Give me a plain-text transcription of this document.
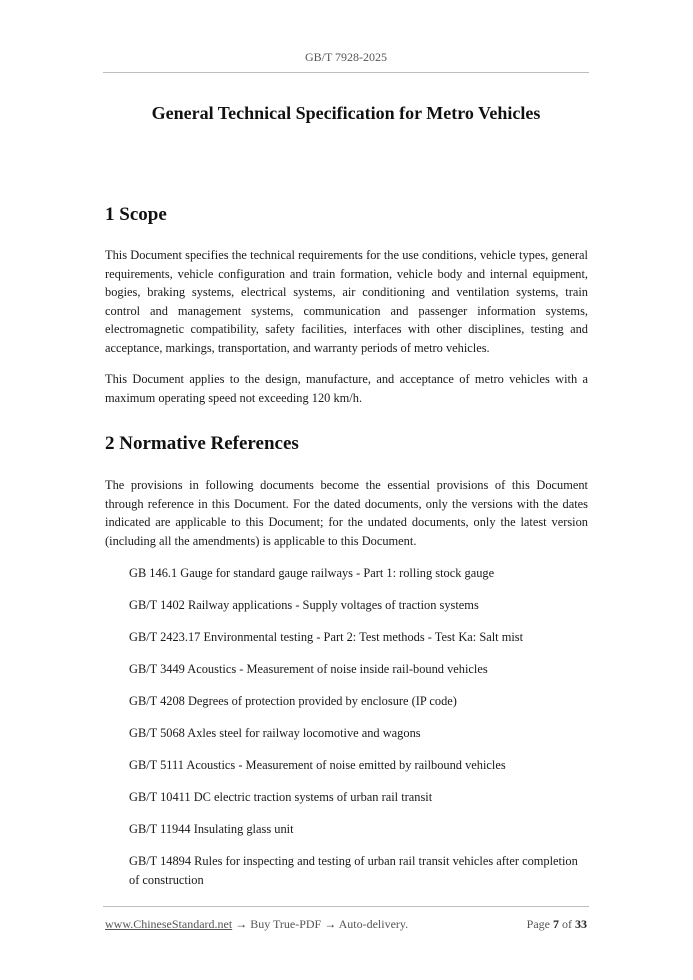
GB/T 7928-2025
General Technical Specification for Metro Vehicles
1 Scope
This Document specifies the technical requirements for the use conditions, vehicle types, general requirements, vehicle configuration and train formation, vehicle body and internal equipment, bogies, braking systems, electrical systems, air conditioning and ventilation systems, train control and management systems, communication and passenger information systems, electromagnetic compatibility, safety facilities, interfaces with other disciplines, testing and acceptance, markings, transportation, and warranty periods of metro vehicles.
This Document applies to the design, manufacture, and acceptance of metro vehicles with a maximum operating speed not exceeding 120 km/h.
2 Normative References
The provisions in following documents become the essential provisions of this Document through reference in this Document. For the dated documents, only the versions with the dates indicated are applicable to this Document; for the undated documents, only the latest version (including all the amendments) is applicable to this Document.
GB 146.1 Gauge for standard gauge railways - Part 1: rolling stock gauge
GB/T 1402 Railway applications - Supply voltages of traction systems
GB/T 2423.17 Environmental testing - Part 2: Test methods - Test Ka: Salt mist
GB/T 3449 Acoustics - Measurement of noise inside rail-bound vehicles
GB/T 4208 Degrees of protection provided by enclosure (IP code)
GB/T 5068 Axles steel for railway locomotive and wagons
GB/T 5111 Acoustics - Measurement of noise emitted by railbound vehicles
GB/T 10411 DC electric traction systems of urban rail transit
GB/T 11944 Insulating glass unit
GB/T 14894 Rules for inspecting and testing of urban rail transit vehicles after completion of construction
www.ChineseStandard.net → Buy True-PDF → Auto-delivery.	Page 7 of 33
